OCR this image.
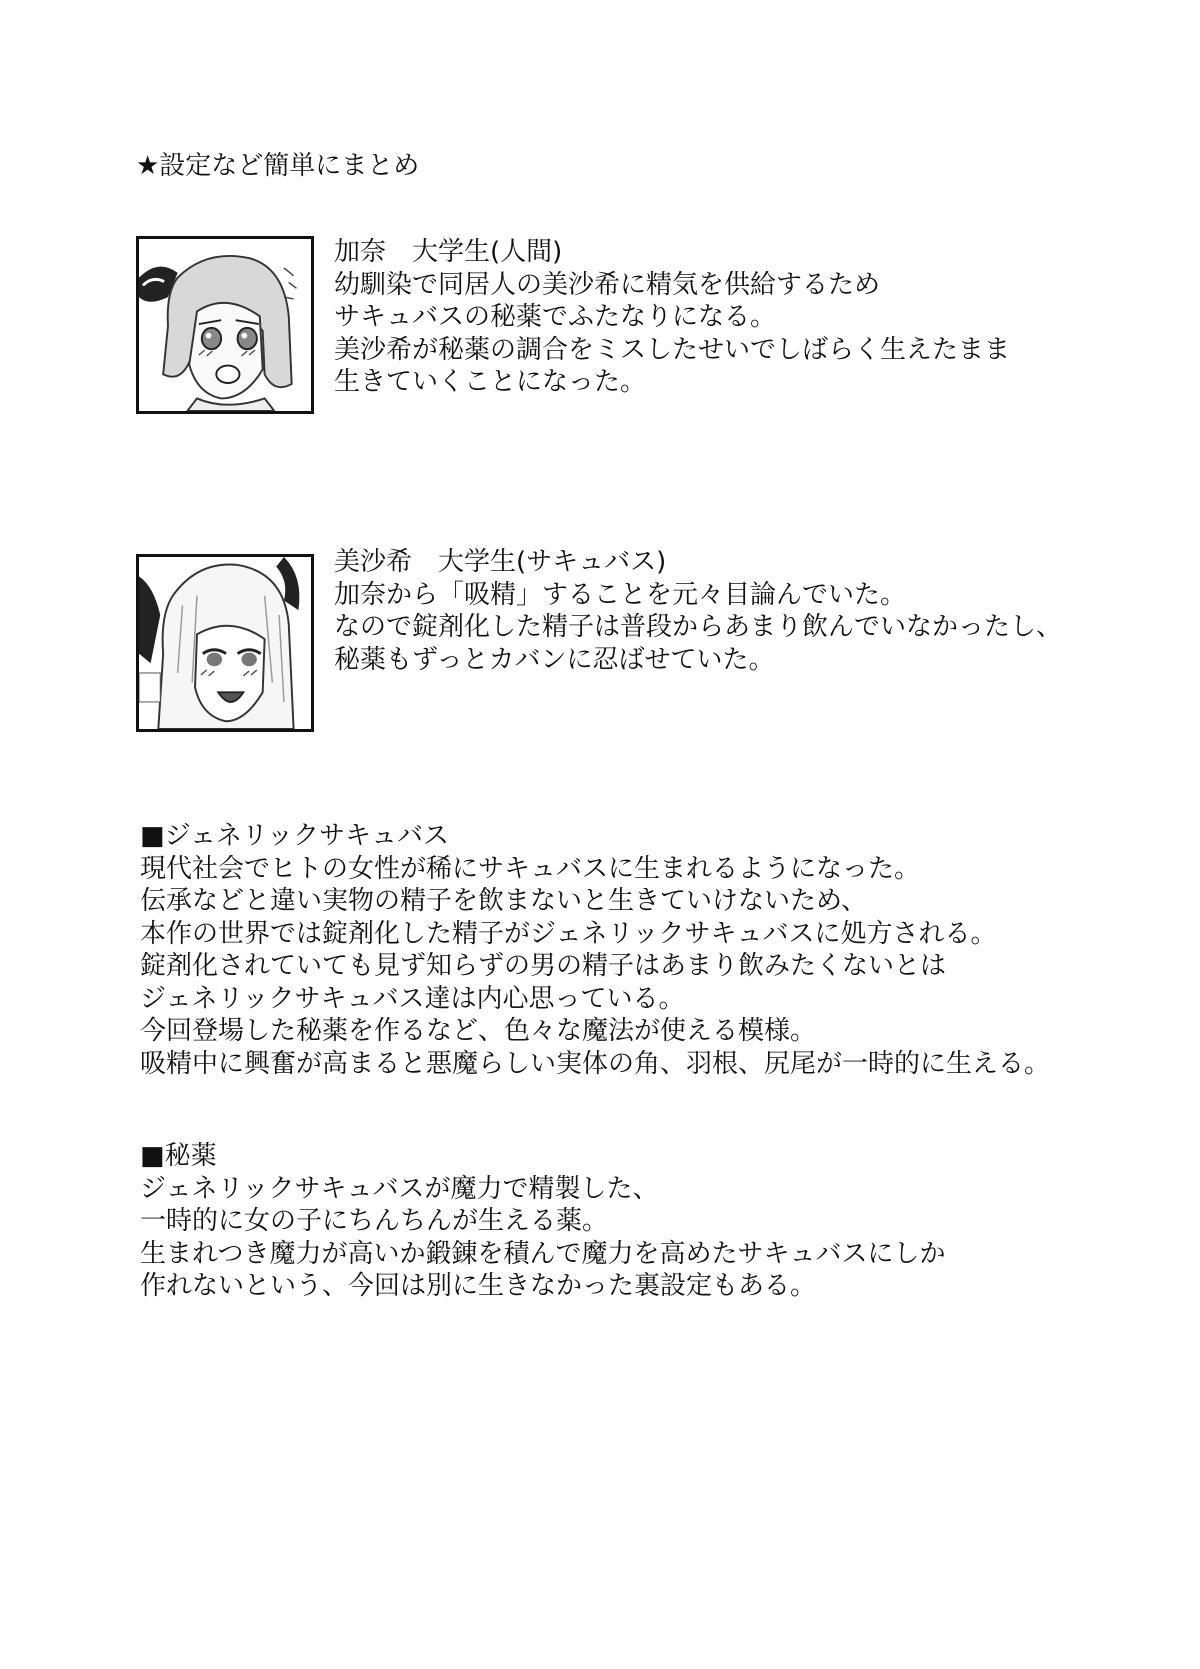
★設定など簡単にまとめ
加奈　大学生(人間)
幼馴染で同居人の美沙希に精気を供給するため
サキュバスの秘薬でふたなりになる。
美沙希が秘薬の調合をミスしたせいでしばらく生えたまま
生きていくことになった。
美沙希　大学生(サキュバス)
加奈から「吸精」することを元々目論んでいた。
なので錠剤化した精子は普段からあまり飲んでいなかったし、
秘薬もずっとカバンに忍ばせていた。
■ジェネリックサキュバス
現代社会でヒトの女性が稀にサキュバスに生まれるようになった。
伝承などと違い実物の精子を飲まないと生きていけないため、
本作の世界では錠剤化した精子がジェネリックサキュバスに処方される。
錠剤化されていても見ず知らずの男の精子はあまり飲みたくないとは
ジェネリックサキュバス達は内心思っている。
今回登場した秘薬を作るなど、色々な魔法が使える模様。
吸精中に興奮が高まると悪魔らしい実体の角、羽根、尻尾が一時的に生える。
■秘薬
ジェネリックサキュバスが魔力で精製した、
一時的に女の子にちんちんが生える薬。
生まれつき魔力が高いか鍛錬を積んで魔力を高めたサキュバスにしか
作れないという、今回は別に生きなかった裏設定もある。
